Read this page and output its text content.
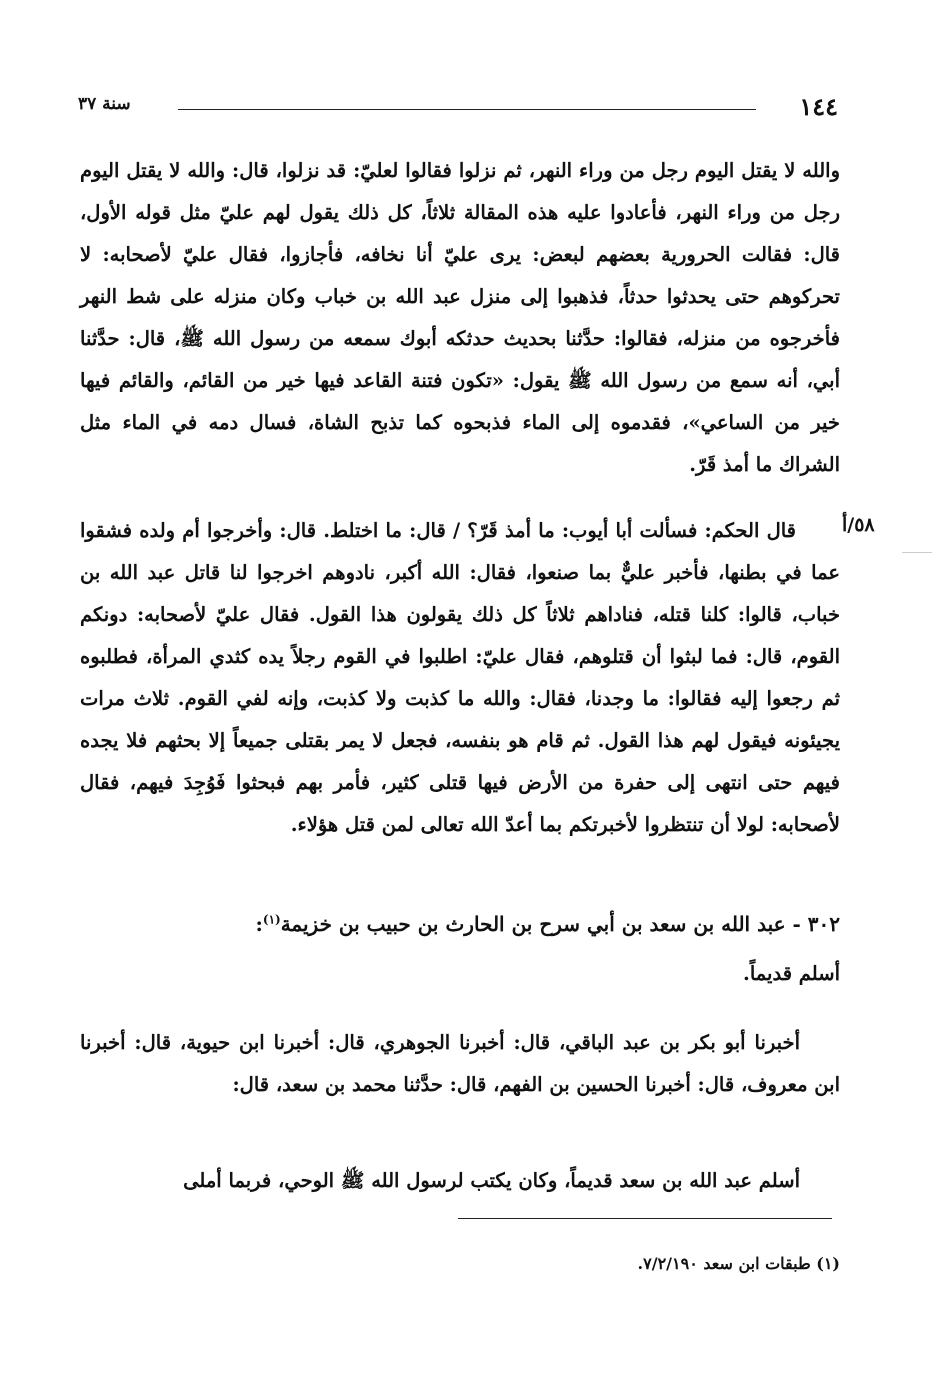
١٤٤
سنة ٣٧
والله لا يقتل اليوم رجل من وراء النهر، ثم نزلوا فقالوا لعليّ: قد نزلوا، قال: والله لا يقتل اليوم رجل من وراء النهر، فأعادوا عليه هذه المقالة ثلاثاً، كل ذلك يقول لهم عليّ مثل قوله الأول، قال: فقالت الحرورية بعضهم لبعض: يرى عليّ أنا نخافه، فأجازوا، فقال عليّ لأصحابه: لا تحركوهم حتى يحدثوا حدثاً، فذهبوا إلى منزل عبد الله بن خباب وكان منزله على شط النهر فأخرجوه من منزله، فقالوا: حدَّثنا بحديث حدثكه أبوك سمعه من رسول الله ﷺ، قال: حدَّثنا أبي، أنه سمع من رسول الله ﷺ يقول: «تكون فتنة القاعد فيها خير من القائم، والقائم فيها خير من الساعي»، فقدموه إلى الماء فذبحوه كما تذبح الشاة، فسال دمه في الماء مثل الشراك ما أمذ قَرّ.
٥٨/أ
قال الحكم: فسألت أبا أيوب: ما أمذ قَرّ؟ / قال: ما اختلط. قال: وأخرجوا أم ولده فشقوا عما في بطنها، فأخبر عليٌّ بما صنعوا، فقال: الله أكبر، نادوهم اخرجوا لنا قاتل عبد الله بن خباب، قالوا: كلنا قتله، فناداهم ثلاثاً كل ذلك يقولون هذا القول. فقال عليّ لأصحابه: دونكم القوم، قال: فما لبثوا أن قتلوهم، فقال عليّ: اطلبوا في القوم رجلاً يده كثدي المرأة، فطلبوه ثم رجعوا إليه فقالوا: ما وجدنا، فقال: والله ما كذبت ولا كذبت، وإنه لفي القوم. ثلاث مرات يجيئونه فيقول لهم هذا القول. ثم قام هو بنفسه، فجعل لا يمر بقتلى جميعاً إلا بحثهم فلا يجده فيهم حتى انتهى إلى حفرة من الأرض فيها قتلى كثير، فأمر بهم فبحثوا فَوُجِدَ فيهم، فقال لأصحابه: لولا أن تنتظروا لأخبرتكم بما أعدّ الله تعالى لمن قتل هؤلاء.
٣٠٢ - عبد الله بن سعد بن أبي سرح بن الحارث بن حبيب بن خزيمة$^{(١)}$:
أسلم قديماً.
أخبرنا أبو بكر بن عبد الباقي، قال: أخبرنا الجوهري، قال: أخبرنا ابن حيوية، قال: أخبرنا ابن معروف، قال: أخبرنا الحسين بن الفهم، قال: حدَّثنا محمد بن سعد، قال:
أسلم عبد الله بن سعد قديماً، وكان يكتب لرسول الله ﷺ الوحي، فربما أملى
(١) طبقات ابن سعد ٧/٢/١٩٠.
